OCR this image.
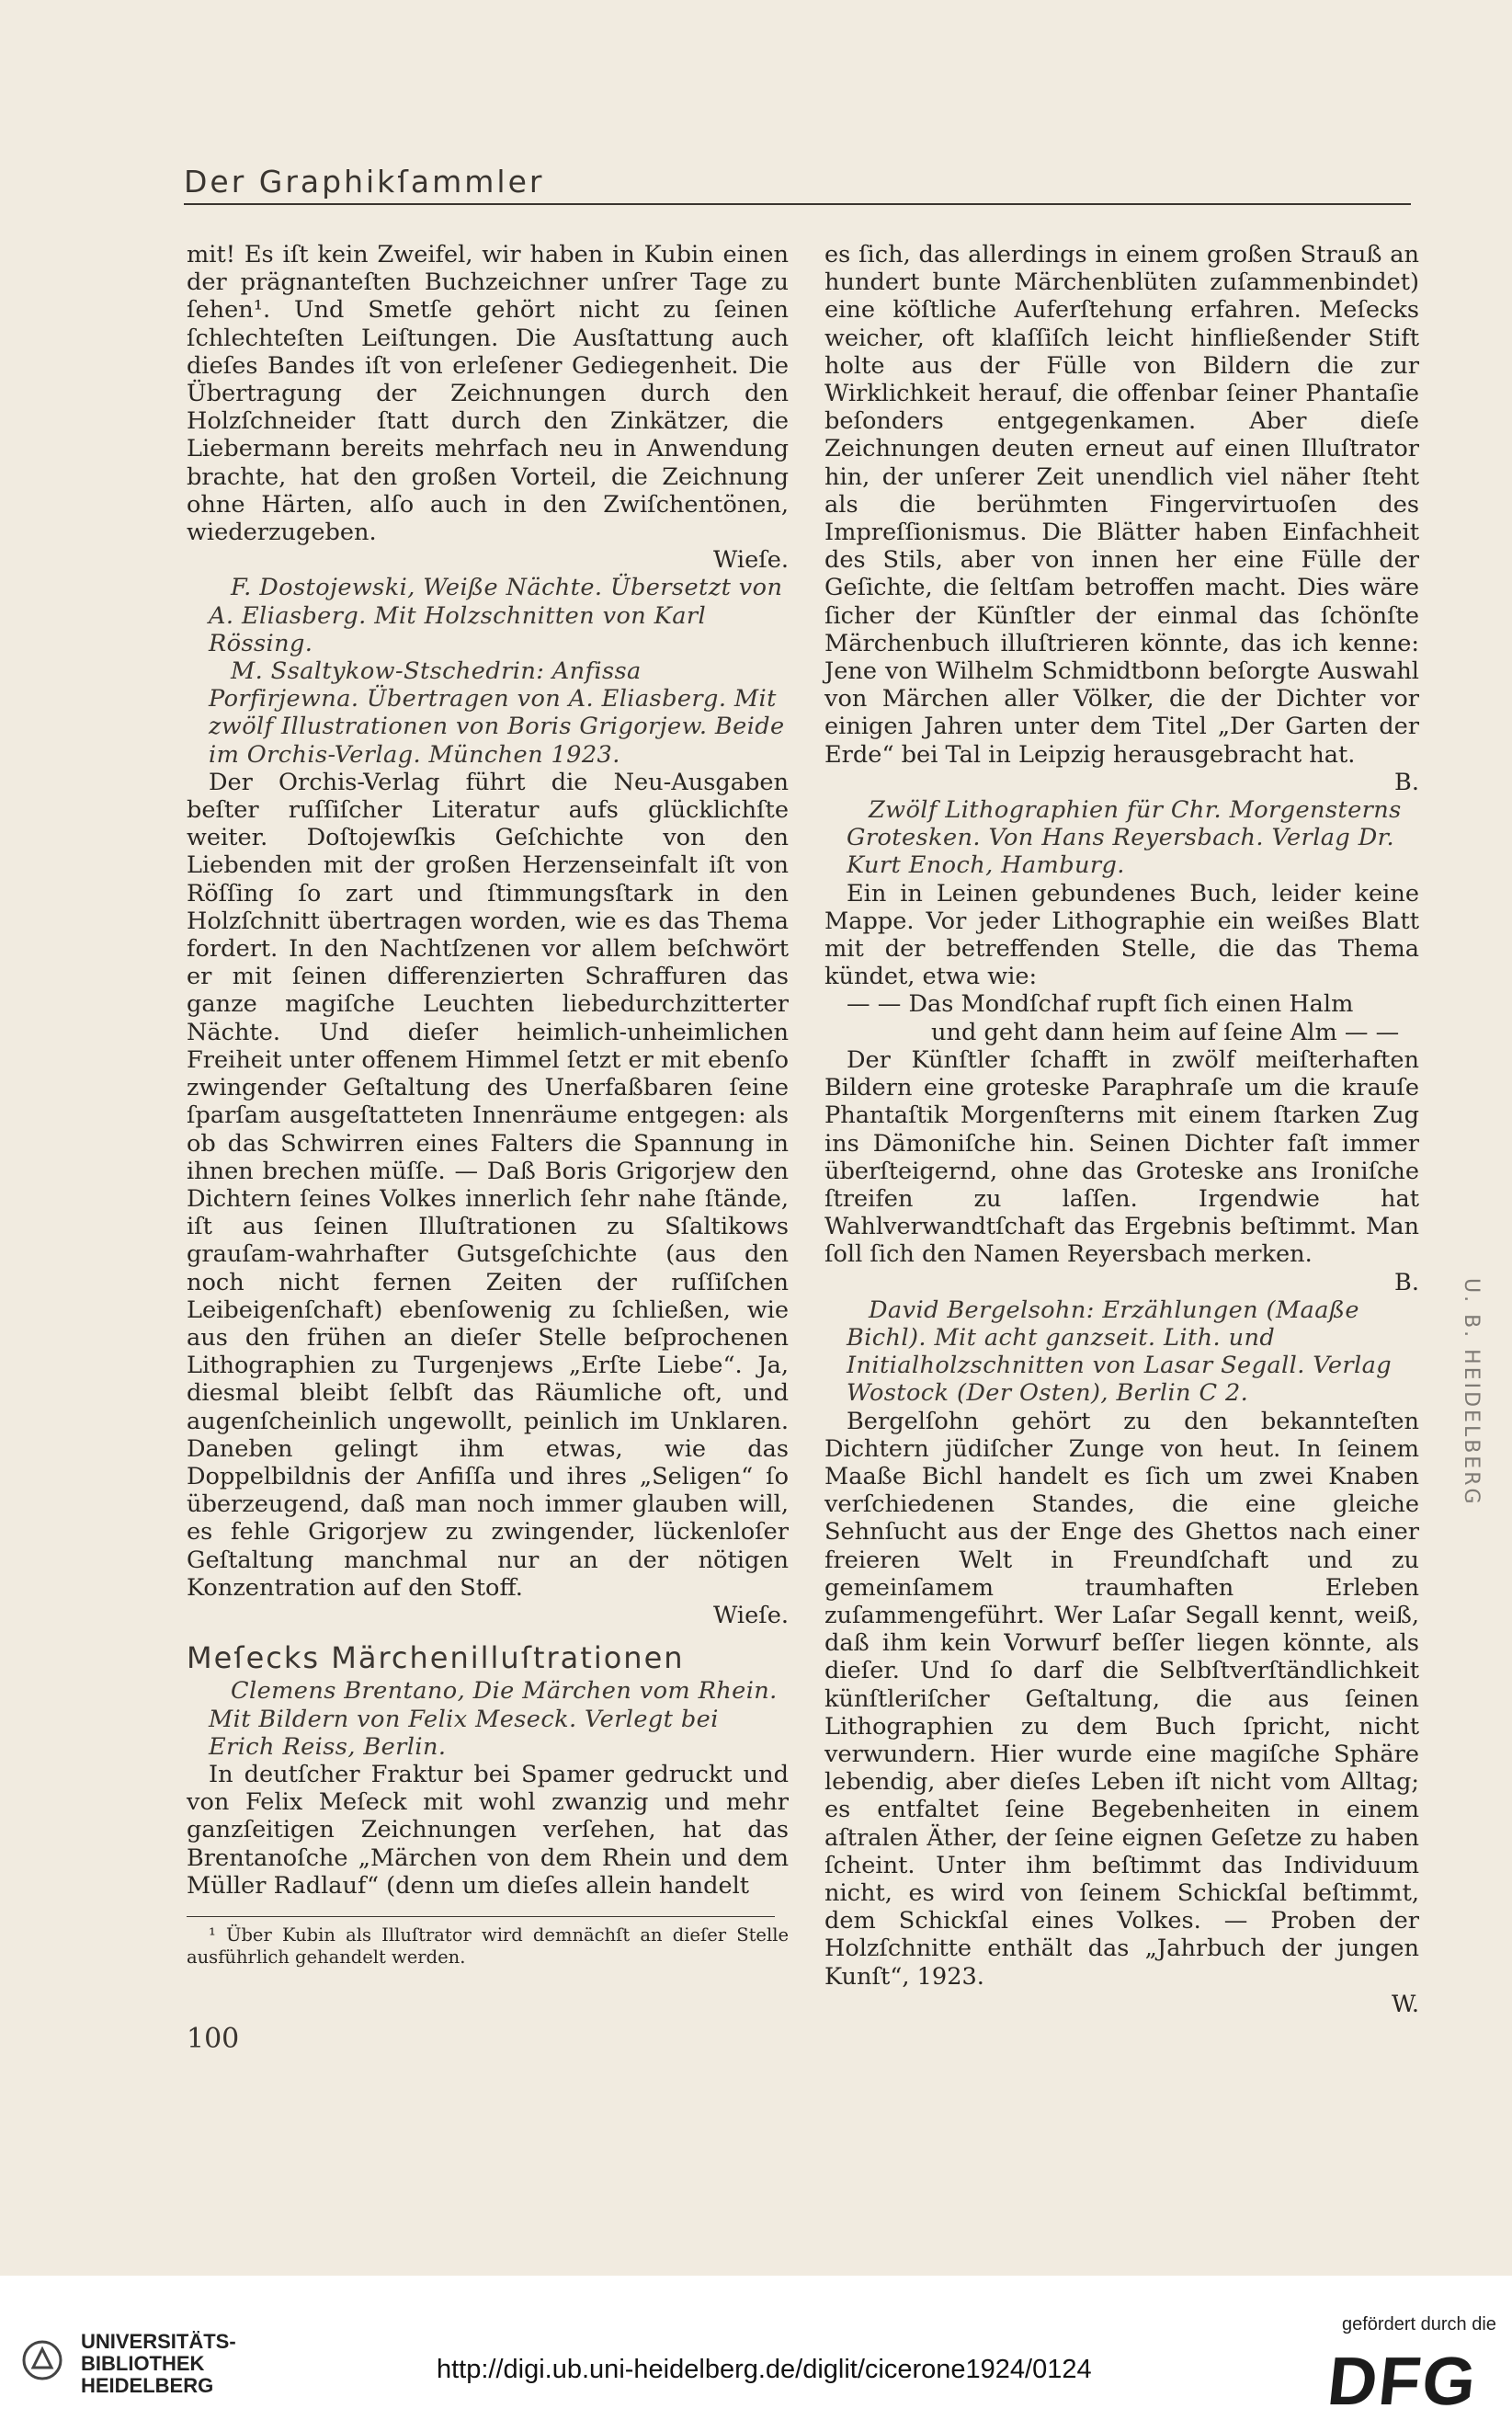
Der Graphikſammler

mit! Es iſt kein Zweifel, wir haben in Kubin einen der prägnanteſten Buchzeichner unſrer Tage zu ſehen¹. Und Smetſe gehört nicht zu ſeinen ſchlechteſten Leiſtungen. Die Ausſtattung auch dieſes Bandes iſt von erleſener Gediegenheit. Die Übertragung der Zeichnungen durch den Holzſchneider ſtatt durch den Zinkätzer, die Liebermann bereits mehrfach neu in Anwendung brachte, hat den großen Vorteil, die Zeichnung ohne Härten, alſo auch in den Zwiſchentönen, wiederzugeben.

Wieſe.

F. Dostojewski, Weiße Nächte. Übersetzt von A. Eliasberg. Mit Holzschnitten von Karl Rössing.

M. Ssaltykow-Stschedrin: Anfissa Porfirjewna. Übertragen von A. Eliasberg. Mit zwölf Illustrationen von Boris Grigorjew. Beide im Orchis-Verlag. München 1923.

Der Orchis-Verlag führt die Neu-Ausgaben beſter ruſſiſcher Literatur aufs glücklichſte weiter. Doſtojewſkis Geſchichte von den Liebenden mit der großen Herzenseinfalt iſt von Röſſing ſo zart und ſtimmungsſtark in den Holzſchnitt übertragen worden, wie es das Thema fordert. In den Nachtſzenen vor allem beſchwört er mit ſeinen differenzierten Schraffuren das ganze magiſche Leuchten liebedurchzitterter Nächte. Und dieſer heimlich-unheimlichen Freiheit unter offenem Himmel ſetzt er mit ebenſo zwingender Geſtaltung des Unerfaßbaren ſeine ſparſam ausgeſtatteten Innenräume entgegen: als ob das Schwirren eines Falters die Spannung in ihnen brechen müſſe. — Daß Boris Grigorjew den Dichtern ſeines Volkes innerlich ſehr nahe ſtände, iſt aus ſeinen Illuſtrationen zu Sſaltikows grauſam-wahrhafter Gutsgeſchichte (aus den noch nicht fernen Zeiten der ruſſiſchen Leibeigenſchaft) ebenſowenig zu ſchließen, wie aus den frühen an dieſer Stelle beſprochenen Lithographien zu Turgenjews „Erſte Liebe“. Ja, diesmal bleibt ſelbſt das Räumliche oft, und augenſcheinlich ungewollt, peinlich im Unklaren. Daneben gelingt ihm etwas, wie das Doppelbildnis der Anfiſſa und ihres „Seligen“ ſo überzeugend, daß man noch immer glauben will, es fehle Grigorjew zu zwingender, lückenloſer Geſtaltung manchmal nur an der nötigen Konzentration auf den Stoff.

Wieſe.
Meſecks Märchenilluſtrationen

Clemens Brentano, Die Märchen vom Rhein. Mit Bildern von Felix Meseck. Verlegt bei Erich Reiss, Berlin.

In deutſcher Fraktur bei Spamer gedruckt und von Felix Meſeck mit wohl zwanzig und mehr ganzſeitigen Zeichnungen verſehen, hat das Brentanoſche „Märchen von dem Rhein und dem Müller Radlauf“ (denn um dieſes allein handelt

¹ Über Kubin als Illuſtrator wird demnächſt an dieſer Stelle ausführlich gehandelt werden.

es ſich, das allerdings in einem großen Strauß an hundert bunte Märchenblüten zuſammenbindet) eine köſtliche Auferſtehung erfahren. Meſecks weicher, oft klaſſiſch leicht hinfließender Stift holte aus der Fülle von Bildern die zur Wirklichkeit herauf, die offenbar ſeiner Phantaſie beſonders entgegenkamen. Aber dieſe Zeichnungen deuten erneut auf einen Illuſtrator hin, der unſerer Zeit unendlich viel näher ſteht als die berühmten Fingervirtuoſen des Impreſſionismus. Die Blätter haben Einfachheit des Stils, aber von innen her eine Fülle der Geſichte, die ſeltſam betroffen macht. Dies wäre ſicher der Künſtler der einmal das ſchönſte Märchenbuch illuſtrieren könnte, das ich kenne: Jene von Wilhelm Schmidtbonn beſorgte Auswahl von Märchen aller Völker, die der Dichter vor einigen Jahren unter dem Titel „Der Garten der Erde“ bei Tal in Leipzig herausgebracht hat.

B.

Zwölf Lithographien für Chr. Morgensterns Grotesken. Von Hans Reyersbach. Verlag Dr. Kurt Enoch, Hamburg.

Ein in Leinen gebundenes Buch, leider keine Mappe. Vor jeder Lithographie ein weißes Blatt mit der betreffenden Stelle, die das Thema kündet, etwa wie:

— — Das Mondſchaf rupft ſich einen Halm
und geht dann heim auf ſeine Alm — —

Der Künſtler ſchafft in zwölf meiſterhaften Bildern eine groteske Paraphraſe um die krauſe Phantaſtik Morgenſterns mit einem ſtarken Zug ins Dämoniſche hin. Seinen Dichter faſt immer überſteigernd, ohne das Groteske ans Ironiſche ſtreifen zu laſſen. Irgendwie hat Wahlverwandtſchaft das Ergebnis beſtimmt. Man ſoll ſich den Namen Reyersbach merken.

B.

David Bergelsohn: Erzählungen (Maaße Bichl). Mit acht ganzseit. Lith. und Initialholzschnitten von Lasar Segall. Verlag Wostock (Der Osten), Berlin C 2.

Bergelſohn gehört zu den bekannteſten Dichtern jüdiſcher Zunge von heut. In ſeinem Maaße Bichl handelt es ſich um zwei Knaben verſchiedenen Standes, die eine gleiche Sehnſucht aus der Enge des Ghettos nach einer freieren Welt in Freundſchaft und zu gemeinſamem traumhaften Erleben zuſammengeführt. Wer Laſar Segall kennt, weiß, daß ihm kein Vorwurf beſſer liegen könnte, als dieſer. Und ſo darf die Selbſtverſtändlichkeit künſtleriſcher Geſtaltung, die aus ſeinen Lithographien zu dem Buch ſpricht, nicht verwundern. Hier wurde eine magiſche Sphäre lebendig, aber dieſes Leben iſt nicht vom Alltag; es entfaltet ſeine Begebenheiten in einem aſtralen Äther, der ſeine eignen Geſetze zu haben ſcheint. Unter ihm beſtimmt das Individuum nicht, es wird von ſeinem Schickſal beſtimmt, dem Schickſal eines Volkes. — Proben der Holzſchnitte enthält das „Jahrbuch der jungen Kunſt“, 1923.

W.
100
U. B. HEIDELBERG
UNIVERSITÄTS-
BIBLIOTHEK
HEIDELBERG
http://digi.ub.uni-heidelberg.de/diglit/cicerone1924/0124
gefördert durch die
DFG
